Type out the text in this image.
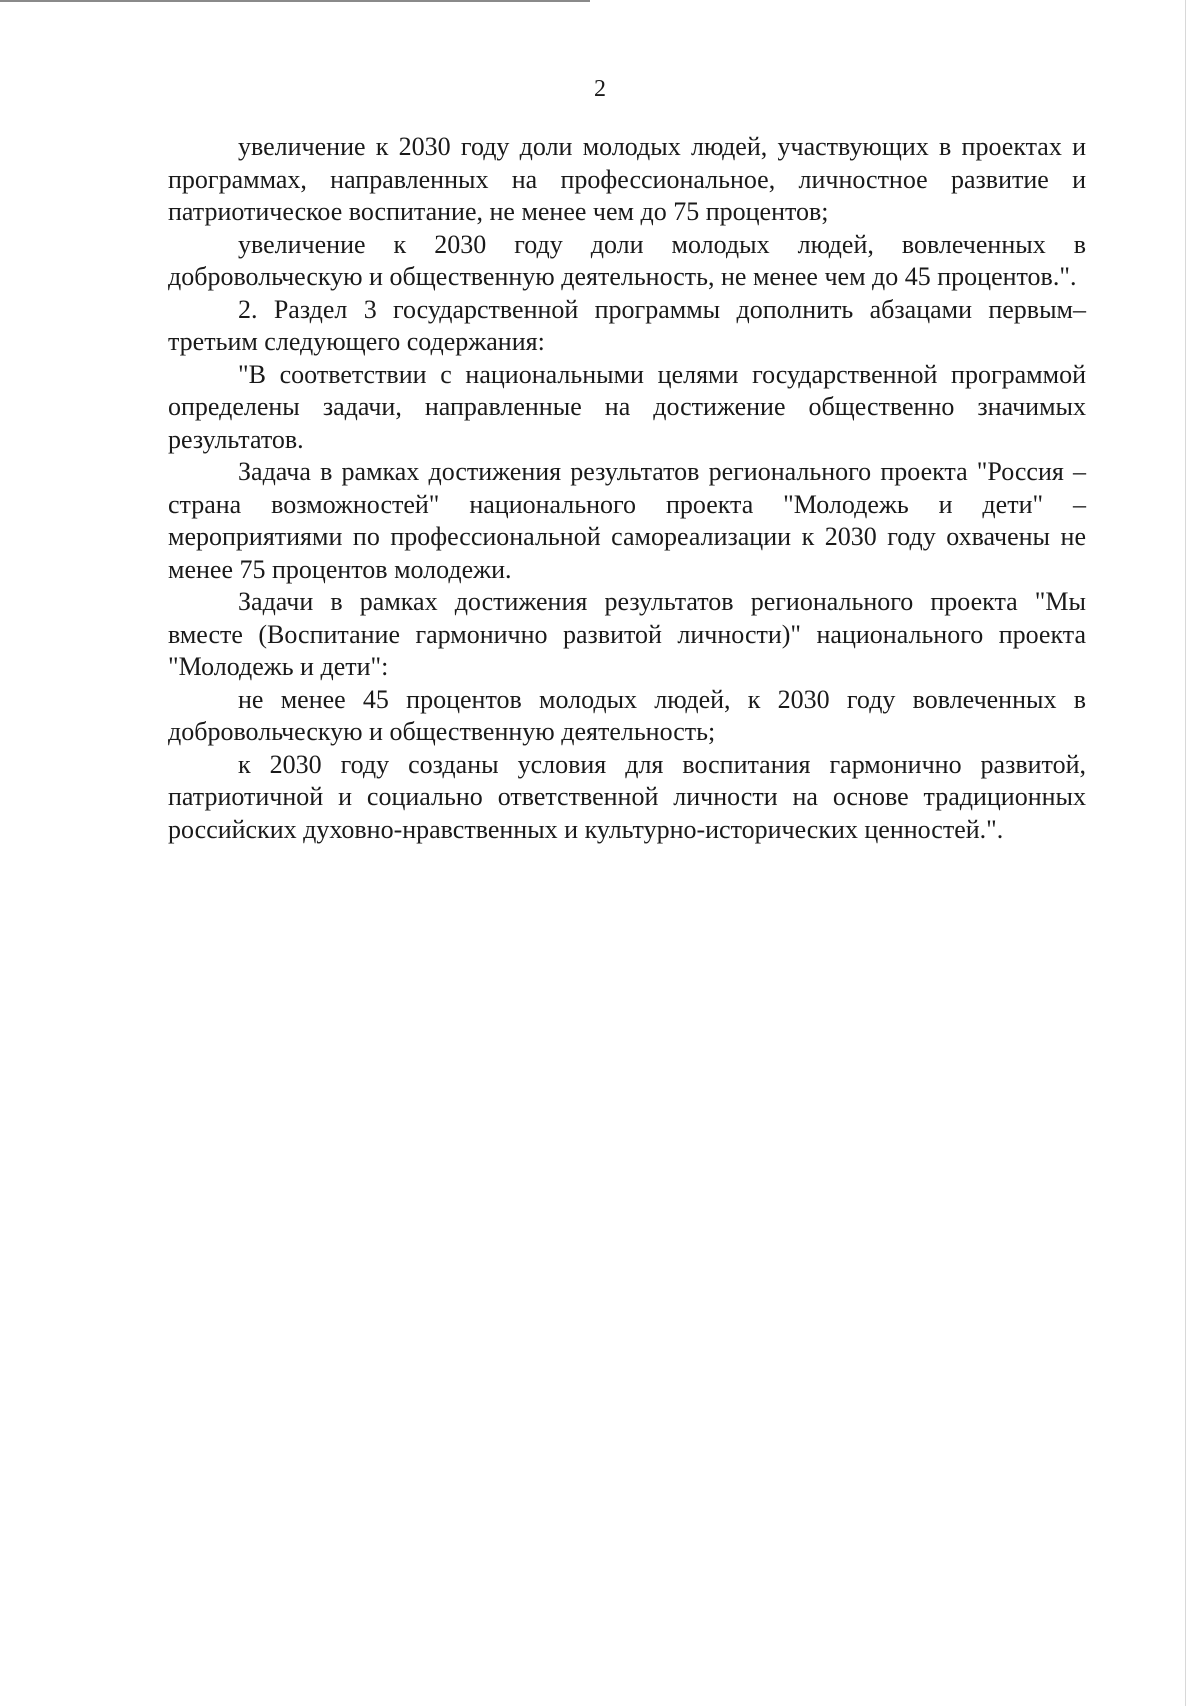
2

увеличение к 2030 году доли молодых людей, участвующих в проектах и программах, направленных на профессиональное, личностное развитие и патриотическое воспитание, не менее чем до 75 процентов;

увеличение к 2030 году доли молодых людей, вовлеченных в добровольческую и общественную деятельность, не менее чем до 45 процентов.".

2. Раздел 3 государственной программы дополнить абзацами первым–третьим следующего содержания:

"В соответствии с национальными целями государственной программой определены задачи, направленные на достижение общественно значимых результатов.

Задача в рамках достижения результатов регионального проекта "Россия – страна возможностей" национального проекта "Молодежь и дети" – мероприятиями по профессиональной самореализации к 2030 году охвачены не менее 75 процентов молодежи.

Задачи в рамках достижения результатов регионального проекта "Мы вместе (Воспитание гармонично развитой личности)" национального проекта "Молодежь и дети":

не менее 45 процентов молодых людей, к 2030 году вовлеченных в добровольческую и общественную деятельность;

к 2030 году созданы условия для воспитания гармонично развитой, патриотичной и социально ответственной личности на основе традиционных российских духовно-нравственных и культурно-исторических ценностей.".
